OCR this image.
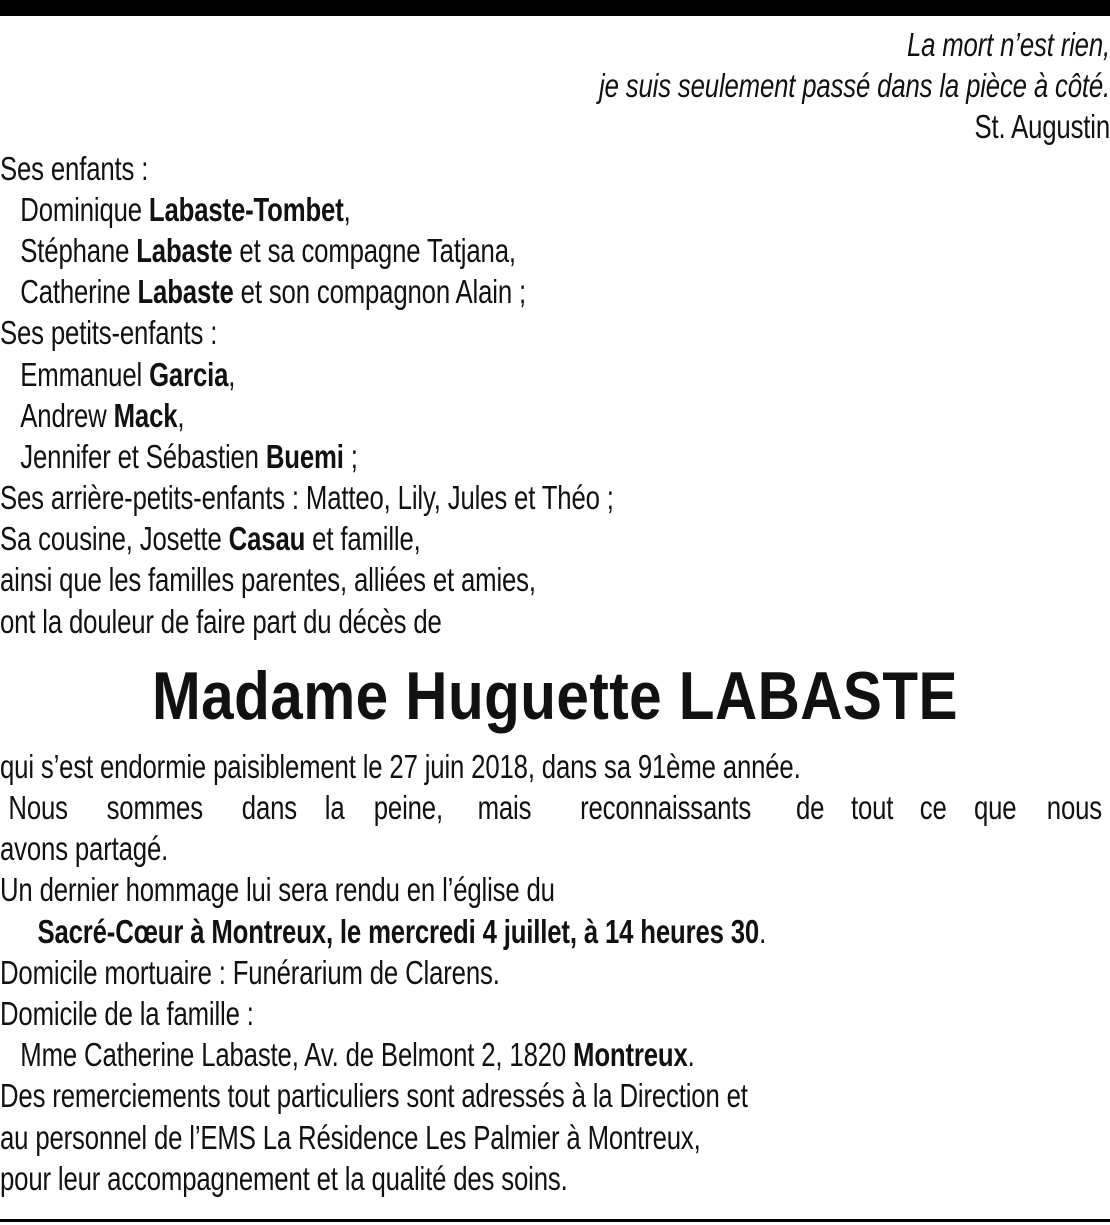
La mort n’est rien,
je suis seulement passé dans la pièce à côté.
St. Augustin
Ses enfants :
Dominique Labaste-Tombet,
Stéphane Labaste et sa compagne Tatjana,
Catherine Labaste et son compagnon Alain ;
Ses petits-enfants :
Emmanuel Garcia,
Andrew Mack,
Jennifer et Sébastien Buemi ;
Ses arrière-petits-enfants : Matteo, Lily, Jules et Théo ;
Sa cousine, Josette Casau et famille,
ainsi que les familles parentes, alliées et amies,
ont la douleur de faire part du décès de
Madame Huguette LABASTE
qui s’est endormie paisiblement le 27 juin 2018, dans sa 91ème année.
Nous sommes dans la peine, mais reconnaissants de tout ce que nous
avons partagé.
Un dernier hommage lui sera rendu en l’église du
Sacré-Cœur à Montreux, le mercredi 4 juillet, à 14 heures 30.
Domicile mortuaire : Funérarium de Clarens.
Domicile de la famille :
Mme Catherine Labaste, Av. de Belmont 2, 1820 Montreux.
Des remerciements tout particuliers sont adressés à la Direction et
au personnel de l’EMS La Résidence Les Palmier à Montreux,
pour leur accompagnement et la qualité des soins.
